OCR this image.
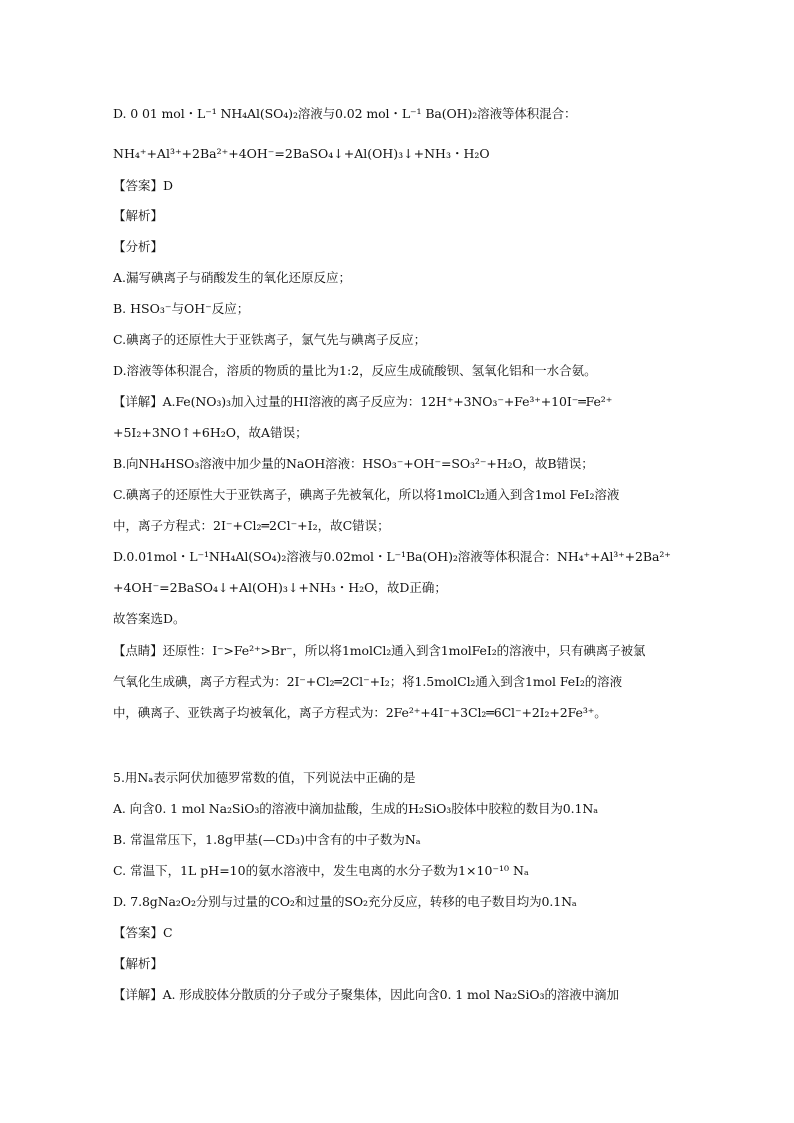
D. 0 01 mol・L⁻¹ NH₄Al(SO₄)₂溶液与0.02 mol・L⁻¹ Ba(OH)₂溶液等体积混合：
NH₄⁺+Al³⁺+2Ba²⁺+4OH⁻=2BaSO₄↓+Al(OH)₃↓+NH₃・H₂O
【答案】D
【解析】
【分析】
A.漏写碘离子与硝酸发生的氧化还原反应；
B. HSO₃⁻与OH⁻反应；
C.碘离子的还原性大于亚铁离子，氯气先与碘离子反应；
D.溶液等体积混合，溶质的物质的量比为1:2，反应生成硫酸钡、氢氧化铝和一水合氨。
【详解】A.Fe(NO₃)₃加入过量的HI溶液的离子反应为：12H⁺+3NO₃⁻+Fe³⁺+10I⁻═Fe²⁺
+5I₂+3NO↑+6H₂O，故A错误；
B.向NH₄HSO₃溶液中加少量的NaOH溶液：HSO₃⁻+OH⁻=SO₃²⁻+H₂O，故B错误；
C.碘离子的还原性大于亚铁离子，碘离子先被氧化，所以将1molCl₂通入到含1mol FeI₂溶液
中，离子方程式：2I⁻+Cl₂═2Cl⁻+I₂，故C错误；
D.0.01mol・L⁻¹NH₄Al(SO₄)₂溶液与0.02mol・L⁻¹Ba(OH)₂溶液等体积混合：NH₄⁺+Al³⁺+2Ba²⁺
+4OH⁻=2BaSO₄↓+Al(OH)₃↓+NH₃・H₂O，故D正确；
故答案选D。
【点睛】还原性：I⁻>Fe²⁺>Br⁻，所以将1molCl₂通入到含1molFeI₂的溶液中，只有碘离子被氯
气氧化生成碘，离子方程式为：2I⁻+Cl₂═2Cl⁻+I₂；将1.5molCl₂通入到含1mol FeI₂的溶液
中，碘离子、亚铁离子均被氧化，离子方程式为：2Fe²⁺+4I⁻+3Cl₂═6Cl⁻+2I₂+2Fe³⁺。
5.用Nₐ表示阿伏加德罗常数的值，下列说法中正确的是
A. 向含0. 1 mol Na₂SiO₃的溶液中滴加盐酸，生成的H₂SiO₃胶体中胶粒的数目为0.1Nₐ
B. 常温常压下，1.8g甲基(—CD₃)中含有的中子数为Nₐ
C. 常温下，1L pH=10的氨水溶液中，发生电离的水分子数为1×10⁻¹⁰ Nₐ
D. 7.8gNa₂O₂分别与过量的CO₂和过量的SO₂充分反应，转移的电子数目均为0.1Nₐ
【答案】C
【解析】
【详解】A. 形成胶体分散质的分子或分子聚集体，因此向含0. 1 mol Na₂SiO₃的溶液中滴加
